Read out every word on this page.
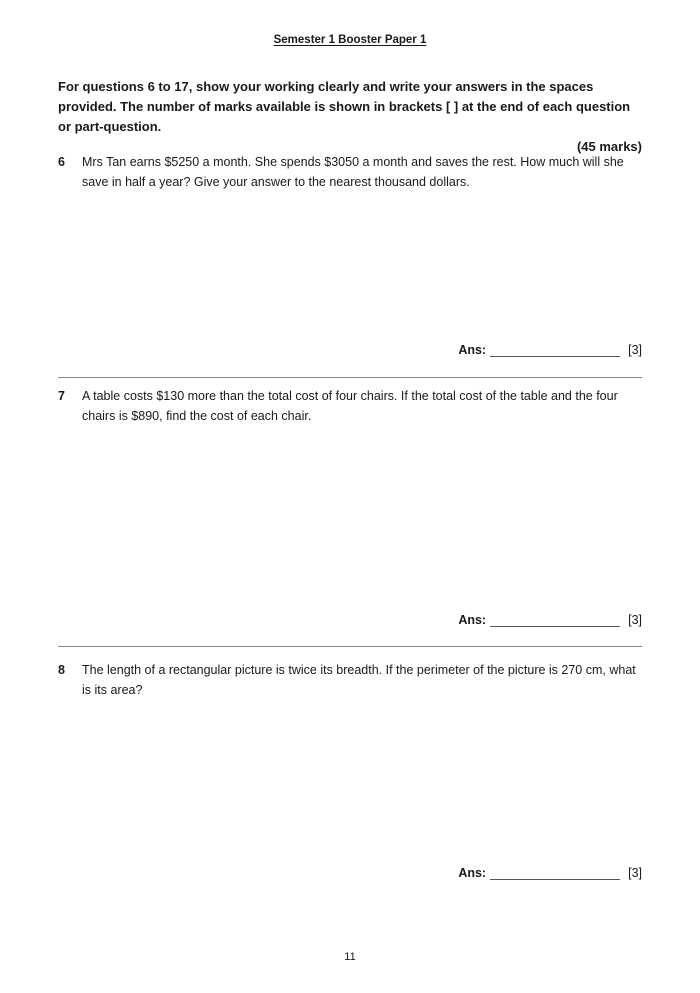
Semester 1 Booster Paper 1
For questions 6 to 17, show your working clearly and write your answers in the spaces provided. The number of marks available is shown in brackets [ ] at the end of each question or part-question.
(45 marks)
6 Mrs Tan earns $5250 a month. She spends $3050 a month and saves the rest. How much will she save in half a year? Give your answer to the nearest thousand dollars.
Ans:	[3]
7 A table costs $130 more than the total cost of four chairs. If the total cost of the table and the four chairs is $890, find the cost of each chair.
Ans:	[3]
8 The length of a rectangular picture is twice its breadth. If the perimeter of the picture is 270 cm, what is its area?
Ans:	[3]
11
